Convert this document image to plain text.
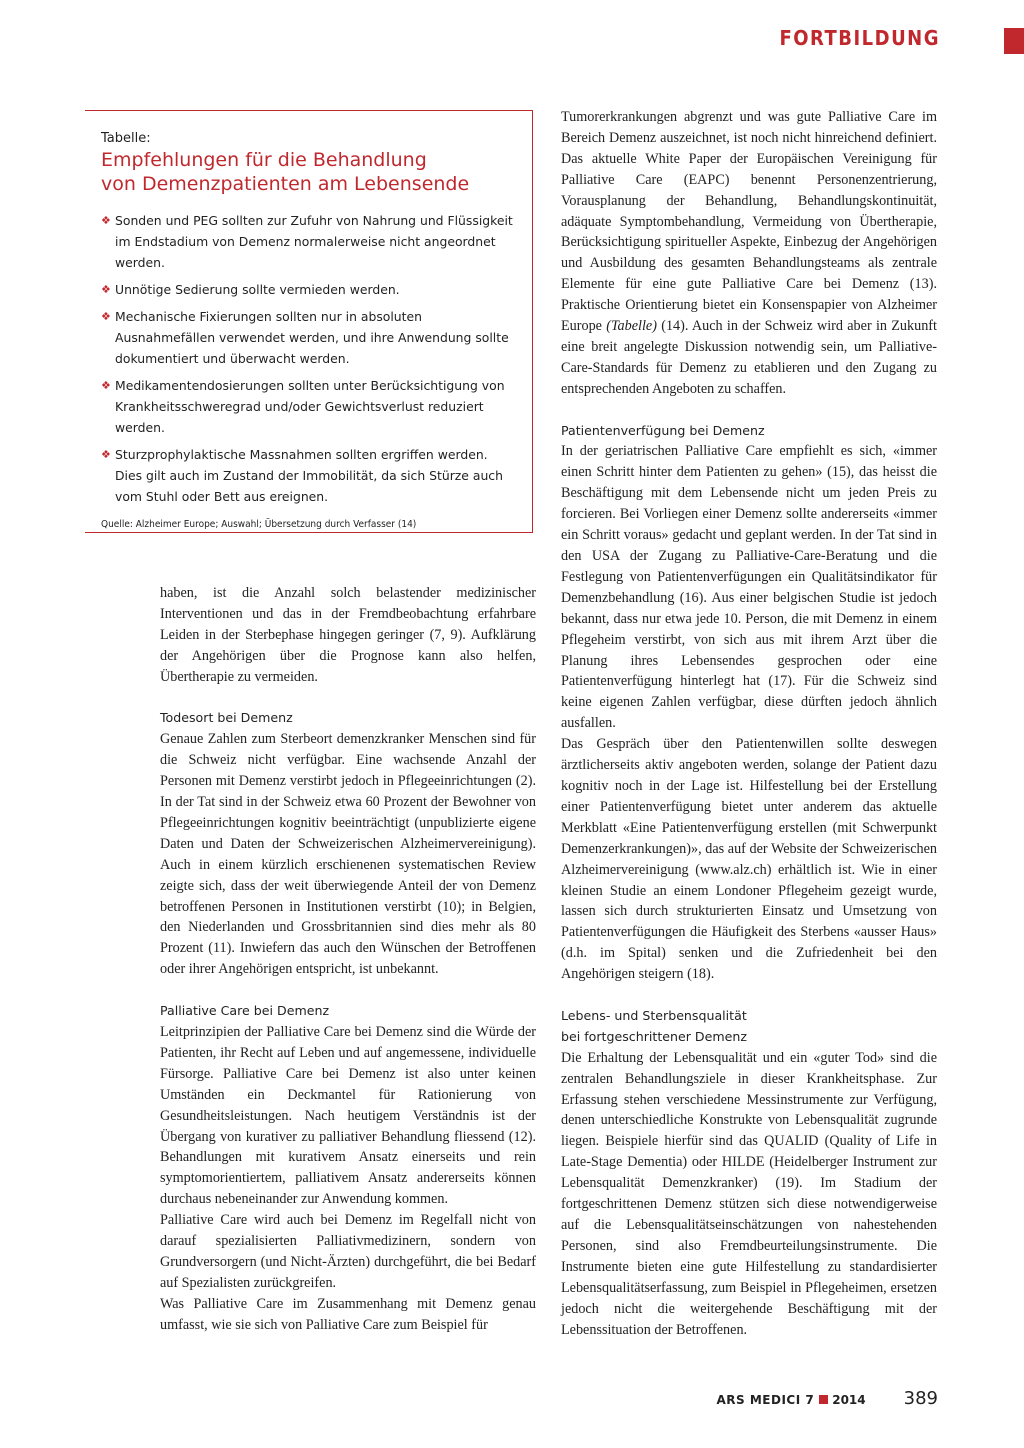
FORTBILDUNG
Tabelle:
Empfehlungen für die Behandlung
von Demenzpatienten am Lebensende
❖ Sonden und PEG sollten zur Zufuhr von Nahrung und Flüssigkeit im Endstadium von Demenz normalerweise nicht angeordnet werden.
❖ Unnötige Sedierung sollte vermieden werden.
❖ Mechanische Fixierungen sollten nur in absoluten Ausnahmefällen verwendet werden, und ihre Anwendung sollte dokumentiert und überwacht werden.
❖ Medikamentendosierungen sollten unter Berücksichtigung von Krankheitsschweregrad und/oder Gewichtsverlust reduziert werden.
❖ Sturzprophylaktische Massnahmen sollten ergriffen werden. Dies gilt auch im Zustand der Immobilität, da sich Stürze auch vom Stuhl oder Bett aus ereignen.
Quelle: Alzheimer Europe; Auswahl; Übersetzung durch Verfasser (14)

haben, ist die Anzahl solch belastender medizinischer Interventionen und das in der Fremdbeobachtung erfahrbare Leiden in der Sterbephase hingegen geringer (7, 9). Aufklärung der Angehörigen über die Prognose kann also helfen, Übertherapie zu vermeiden.

Todesort bei Demenz

Genaue Zahlen zum Sterbeort demenzkranker Menschen sind für die Schweiz nicht verfügbar. Eine wachsende Anzahl der Personen mit Demenz verstirbt jedoch in Pflegeeinrichtungen (2). In der Tat sind in der Schweiz etwa 60 Prozent der Bewohner von Pflegeeinrichtungen kognitiv beeinträchtigt (unpublizierte eigene Daten und Daten der Schweizerischen Alzheimervereinigung). Auch in einem kürzlich erschienenen systematischen Review zeigte sich, dass der weit überwiegende Anteil der von Demenz betroffenen Personen in Institutionen verstirbt (10); in Belgien, den Niederlanden und Grossbritannien sind dies mehr als 80 Prozent (11). Inwiefern das auch den Wünschen der Betroffenen oder ihrer Angehörigen entspricht, ist unbekannt.

Palliative Care bei Demenz

Leitprinzipien der Palliative Care bei Demenz sind die Würde der Patienten, ihr Recht auf Leben und auf angemessene, individuelle Fürsorge. Palliative Care bei Demenz ist also unter keinen Umständen ein Deckmantel für Rationierung von Gesundheitsleistungen. Nach heutigem Verständnis ist der Übergang von kurativer zu palliativer Behandlung fliessend (12). Behandlungen mit kurativem Ansatz einerseits und rein symptomorientiertem, palliativem Ansatz andererseits können durchaus nebeneinander zur Anwendung kommen.

Palliative Care wird auch bei Demenz im Regelfall nicht von darauf spezialisierten Palliativmedizinern, sondern von Grundversorgern (und Nicht-Ärzten) durchgeführt, die bei Bedarf auf Spezialisten zurückgreifen.

Was Palliative Care im Zusammenhang mit Demenz genau umfasst, wie sie sich von Palliative Care zum Beispiel für

Tumorerkrankungen abgrenzt und was gute Palliative Care im Bereich Demenz auszeichnet, ist noch nicht hinreichend definiert. Das aktuelle White Paper der Europäischen Vereinigung für Palliative Care (EAPC) benennt Personenzentrierung, Vorausplanung der Behandlung, Behandlungskontinuität, adäquate Symptombehandlung, Vermeidung von Übertherapie, Berücksichtigung spiritueller Aspekte, Einbezug der Angehörigen und Ausbildung des gesamten Behandlungsteams als zentrale Elemente für eine gute Palliative Care bei Demenz (13). Praktische Orientierung bietet ein Konsenspapier von Alzheimer Europe (Tabelle) (14). Auch in der Schweiz wird aber in Zukunft eine breit angelegte Diskussion notwendig sein, um Palliative-Care-Standards für Demenz zu etablieren und den Zugang zu entsprechenden Angeboten zu schaffen.

Patientenverfügung bei Demenz

In der geriatrischen Palliative Care empfiehlt es sich, «immer einen Schritt hinter dem Patienten zu gehen» (15), das heisst die Beschäftigung mit dem Lebensende nicht um jeden Preis zu forcieren. Bei Vorliegen einer Demenz sollte andererseits «immer ein Schritt voraus» gedacht und geplant werden. In der Tat sind in den USA der Zugang zu Palliative-Care-Beratung und die Festlegung von Patientenverfügungen ein Qualitätsindikator für Demenzbehandlung (16). Aus einer belgischen Studie ist jedoch bekannt, dass nur etwa jede 10. Person, die mit Demenz in einem Pflegeheim verstirbt, von sich aus mit ihrem Arzt über die Planung ihres Lebensendes gesprochen oder eine Patientenverfügung hinterlegt hat (17). Für die Schweiz sind keine eigenen Zahlen verfügbar, diese dürften jedoch ähnlich ausfallen.

Das Gespräch über den Patientenwillen sollte deswegen ärztlicherseits aktiv angeboten werden, solange der Patient dazu kognitiv noch in der Lage ist. Hilfestellung bei der Erstellung einer Patientenverfügung bietet unter anderem das aktuelle Merkblatt «Eine Patientenverfügung erstellen (mit Schwerpunkt Demenzerkrankungen)», das auf der Website der Schweizerischen Alzheimervereinigung (www.alz.ch) erhältlich ist. Wie in einer kleinen Studie an einem Londoner Pflegeheim gezeigt wurde, lassen sich durch strukturierten Einsatz und Umsetzung von Patientenverfügungen die Häufigkeit des Sterbens «ausser Haus» (d.h. im Spital) senken und die Zufriedenheit bei den Angehörigen steigern (18).

Lebens- und Sterbensqualität
bei fortgeschrittener Demenz

Die Erhaltung der Lebensqualität und ein «guter Tod» sind die zentralen Behandlungsziele in dieser Krankheitsphase. Zur Erfassung stehen verschiedene Messinstrumente zur Verfügung, denen unterschiedliche Konstrukte von Lebensqualität zugrunde liegen. Beispiele hierfür sind das QUALID (Quality of Life in Late-Stage Dementia) oder HILDE (Heidelberger Instrument zur Lebensqualität Demenzkranker) (19). Im Stadium der fortgeschrittenen Demenz stützen sich diese notwendigerweise auf die Lebensqualitätseinschätzungen von nahestehenden Personen, sind also Fremdbeurteilungsinstrumente. Die Instrumente bieten eine gute Hilfestellung zu standardisierter Lebensqualitätserfassung, zum Beispiel in Pflegeheimen, ersetzen jedoch nicht die weitergehende Beschäftigung mit der Lebenssituation der Betroffenen.

ARS MEDICI 7 2014 389
